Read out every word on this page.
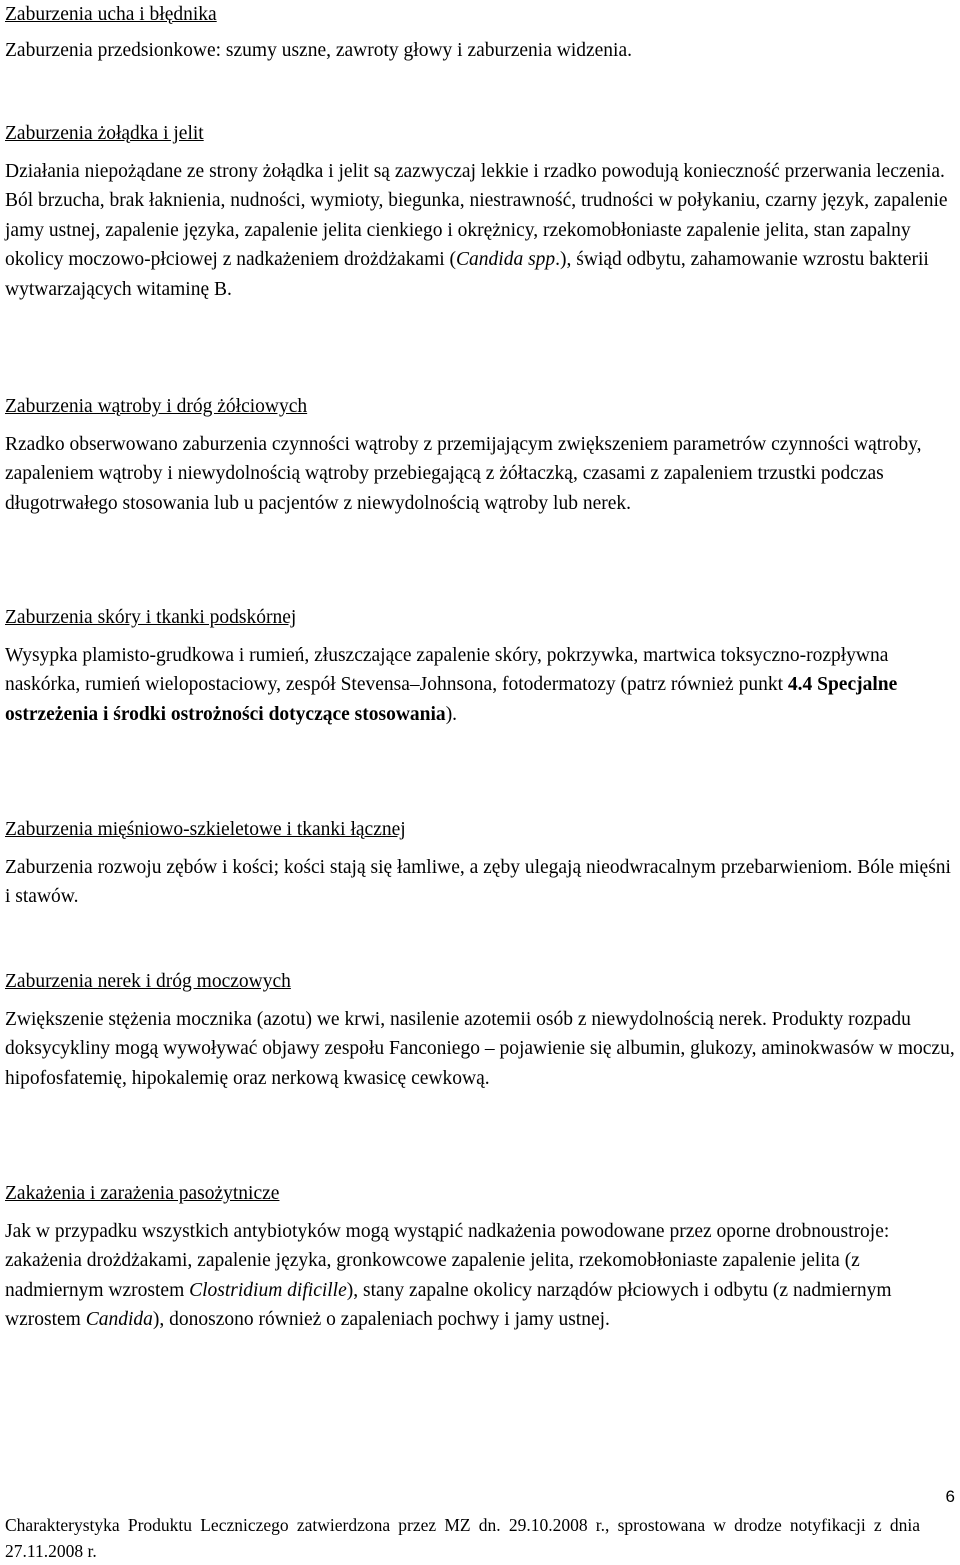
Zaburzenia ucha i błędnika
Zaburzenia przedsionkowe: szumy uszne, zawroty głowy i zaburzenia widzenia.
Zaburzenia żołądka i jelit
Działania niepożądane ze strony żołądka i jelit są zazwyczaj lekkie i rzadko powodują konieczność przerwania leczenia. Ból brzucha, brak łaknienia, nudności, wymioty, biegunka, niestrawność, trudności w połykaniu, czarny język, zapalenie jamy ustnej, zapalenie języka, zapalenie jelita cienkiego i okrężnicy, rzekomobłoniaste zapalenie jelita, stan zapalny okolicy moczowo-płciowej z nadkażeniem drożdżakami (Candida spp.), świąd odbytu, zahamowanie wzrostu bakterii wytwarzających witaminę B.
Zaburzenia wątroby i dróg żółciowych
Rzadko obserwowano zaburzenia czynności wątroby z przemijającym zwiększeniem parametrów czynności wątroby, zapaleniem wątroby i niewydolnością wątroby przebiegającą z żółtaczką, czasami z zapaleniem trzustki podczas długotrwałego stosowania lub u pacjentów z niewydolnością wątroby lub nerek.
Zaburzenia skóry i tkanki podskórnej
Wysypka plamisto-grudkowa i rumień, złuszczające zapalenie skóry, pokrzywka, martwica toksyczno-rozpływna naskórka, rumień wielopostaciowy, zespół Stevensa–Johnsona, fotodermatozy (patrz również punkt 4.4 Specjalne ostrzeżenia i środki ostrożności dotyczące stosowania).
Zaburzenia mięśniowo-szkieletowe i tkanki łącznej
Zaburzenia rozwoju zębów i kości; kości stają się łamliwe, a zęby ulegają nieodwracalnym przebarwieniom. Bóle mięśni i stawów.
Zaburzenia nerek i dróg moczowych
Zwiększenie stężenia mocznika (azotu) we krwi, nasilenie azotemii osób z niewydolnością nerek. Produkty rozpadu doksycykliny mogą wywoływać objawy zespołu Fanconiego – pojawienie się albumin, glukozy, aminokwasów w moczu, hipofosfatemię, hipokalemię oraz nerkową kwasicę cewkową.
Zakażenia i zarażenia pasożytnicze
Jak w przypadku wszystkich antybiotyków mogą wystąpić nadkażenia powodowane przez oporne drobnoustroje: zakażenia drożdżakami, zapalenie języka, gronkowcowe zapalenie jelita, rzekomobłoniaste zapalenie jelita (z nadmiernym wzrostem Clostridium dificille), stany zapalne okolicy narządów płciowych i odbytu (z nadmiernym wzrostem Candida), donoszono również o zapaleniach pochwy i jamy ustnej.
6
Charakterystyka Produktu Leczniczego zatwierdzona przez MZ dn. 29.10.2008 r., sprostowana w drodze notyfikacji z dnia 27.11.2008 r.
